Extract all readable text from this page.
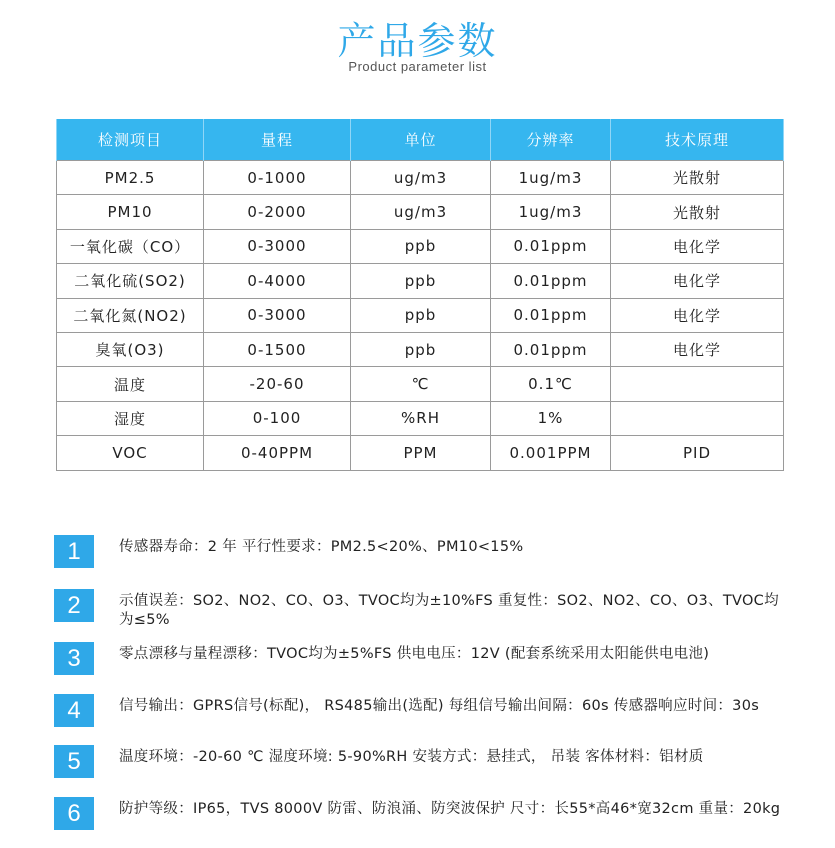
产品参数
Product parameter list
检测项目	量程	单位	分辨率	技术原理
PM2.5	0-1000	ug/m3	1ug/m3	光散射
PM10	0-2000	ug/m3	1ug/m3	光散射
一氧化碳（CO）	0-3000	ppb	0.01ppm	电化学
二氧化硫(SO2)	0-4000	ppb	0.01ppm	电化学
二氧化氮(NO2)	0-3000	ppb	0.01ppm	电化学
臭氧(O3)	0-1500	ppb	0.01ppm	电化学
温度	-20-60	℃	0.1℃	
湿度	0-100	%RH	1%	
VOC	0-40PPM	PPM	0.001PPM	PID
1	传感器寿命：2 年 平行性要求：PM2.5<20%、PM10<15%
2	示值误差：SO2、NO2、CO、O3、TVOC均为±10%FS 重复性：SO2、NO2、CO、O3、TVOC均为≤5%
3	零点漂移与量程漂移：TVOC均为±5%FS 供电电压：12V (配套系统采用太阳能供电电池)
4	信号输出：GPRS信号(标配)， RS485输出(选配) 每组信号输出间隔：60s 传感器响应时间：30s
5	温度环境：-20-60 ℃ 湿度环境: 5-90%RH 安装方式：悬挂式， 吊装 客体材料：铝材质
6	防护等级：IP65，TVS 8000V 防雷、防浪涌、防突波保护 尺寸：长55*高46*宽32cm 重量：20kg
